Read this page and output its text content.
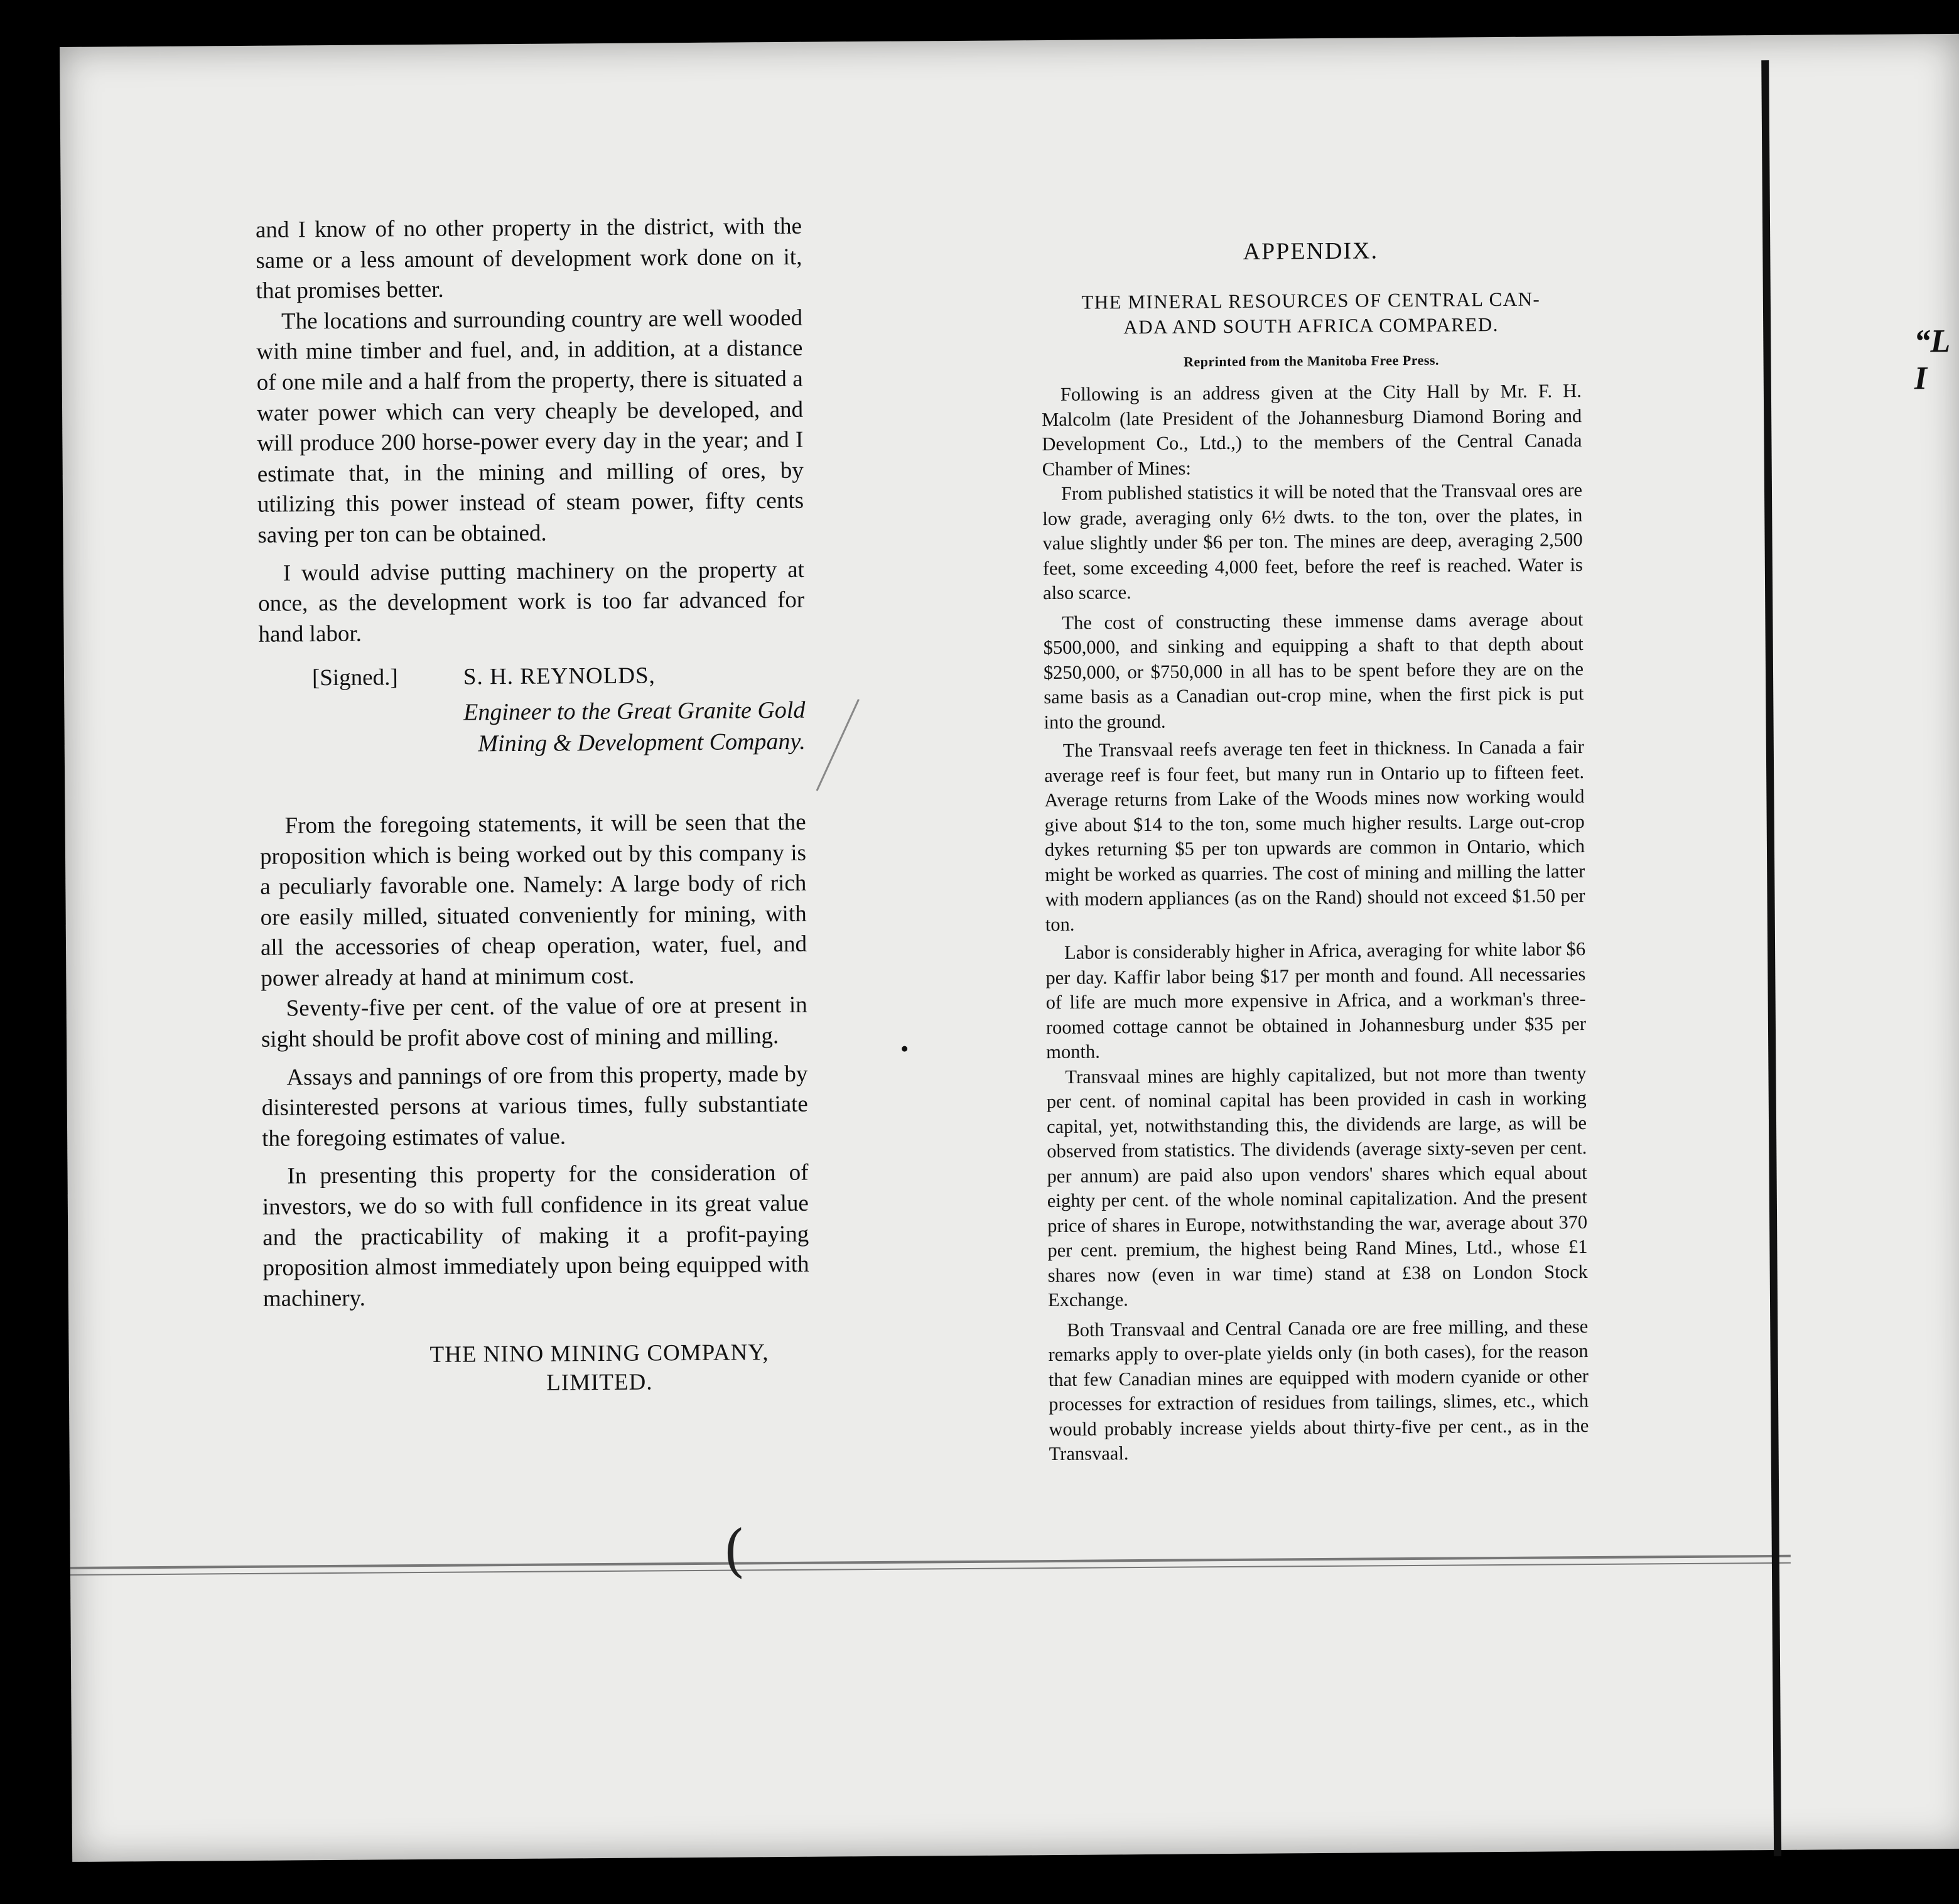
and I know of no other property in the district, with the same or a less amount of development work done on it, that promises better.

The locations and surrounding country are well wooded with mine timber and fuel, and, in addition, at a distance of one mile and a half from the property, there is situated a water power which can very cheaply be developed, and will produce 200 horse-power every day in the year; and I estimate that, in the mining and milling of ores, by utilizing this power instead of steam power, fifty cents saving per ton can be obtained.

I would advise putting machinery on the property at once, as the development work is too far advanced for hand labor.

[Signed.]	S. H. REYNOLDS,
Engineer to the Great Granite Gold
Mining & Development Company.

From the foregoing statements, it will be seen that the proposition which is being worked out by this company is a peculiarly favorable one. Namely: A large body of rich ore easily milled, situated conveniently for mining, with all the accessories of cheap operation, water, fuel, and power already at hand at minimum cost.

Seventy-five per cent. of the value of ore at present in sight should be profit above cost of mining and milling.

Assays and pannings of ore from this property, made by disinterested persons at various times, fully substantiate the foregoing estimates of value.

In presenting this property for the consideration of investors, we do so with full confidence in its great value and the practicability of making it a profit-paying proposition almost immediately upon being equipped with machinery.

THE NINO MINING COMPANY,
LIMITED.
APPENDIX.
THE MINERAL RESOURCES OF CENTRAL CAN-
ADA AND SOUTH AFRICA COMPARED.
Reprinted from the Manitoba Free Press.

Following is an address given at the City Hall by Mr. F. H. Malcolm (late President of the Johannesburg Diamond Boring and Development Co., Ltd.,) to the members of the Central Canada Chamber of Mines:

From published statistics it will be noted that the Transvaal ores are low grade, averaging only 6½ dwts. to the ton, over the plates, in value slightly under $6 per ton. The mines are deep, averaging 2,500 feet, some exceeding 4,000 feet, before the reef is reached. Water is also scarce.

The cost of constructing these immense dams average about $500,000, and sinking and equipping a shaft to that depth about $250,000, or $750,000 in all has to be spent before they are on the same basis as a Canadian out-crop mine, when the first pick is put into the ground.

The Transvaal reefs average ten feet in thickness. In Canada a fair average reef is four feet, but many run in Ontario up to fifteen feet. Average returns from Lake of the Woods mines now working would give about $14 to the ton, some much higher results. Large out-crop dykes returning $5 per ton upwards are common in Ontario, which might be worked as quarries. The cost of mining and milling the latter with modern appliances (as on the Rand) should not exceed $1.50 per ton.

Labor is considerably higher in Africa, averaging for white labor $6 per day. Kaffir labor being $17 per month and found. All necessaries of life are much more expensive in Africa, and a workman's three-roomed cottage cannot be obtained in Johannesburg under $35 per month.

Transvaal mines are highly capitalized, but not more than twenty per cent. of nominal capital has been provided in cash in working capital, yet, notwithstanding this, the dividends are large, as will be observed from statistics. The dividends (average sixty-seven per cent. per annum) are paid also upon vendors' shares which equal about eighty per cent. of the whole nominal capitalization. And the present price of shares in Europe, notwithstanding the war, average about 370 per cent. premium, the highest being Rand Mines, Ltd., whose £1 shares now (even in war time) stand at £38 on London Stock Exchange.

Both Transvaal and Central Canada ore are free milling, and these remarks apply to over-plate yields only (in both cases), for the reason that few Canadian mines are equipped with modern cyanide or other processes for extraction of residues from tailings, slimes, etc., which would probably increase yields about thirty-five per cent., as in the Transvaal.

(
“L I
